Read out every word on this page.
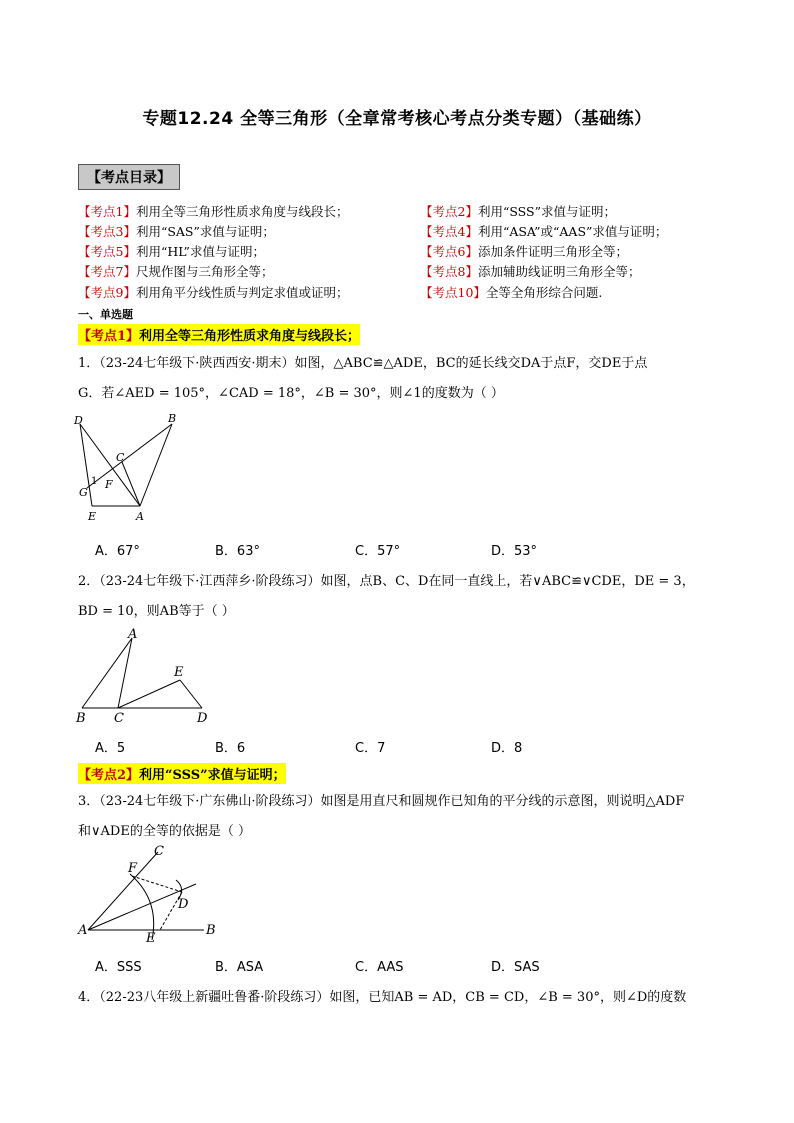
专题12.24 全等三角形（全章常考核心考点分类专题）（基础练）
【考点目录】
【考点1】利用全等三角形性质求角度与线段长；	【考点2】利用“SSS”求值与证明；
【考点3】利用“SAS”求值与证明；	【考点4】利用“ASA”或“AAS”求值与证明；
【考点5】利用“HL”求值与证明；	【考点6】添加条件证明三角形全等；
【考点7】尺规作图与三角形全等；	【考点8】添加辅助线证明三角形全等；
【考点9】利用角平分线性质与判定求值或证明；	【考点10】全等全角形综合问题.
一、单选题
【考点1】利用全等三角形性质求角度与线段长；
1．（23-24七年级下·陕西西安·期末）如图，△ABC≌△ADE，BC的延长线交DA于点F，交DE于点
G．若∠AED = 105°，∠CAD = 18°，∠B = 30°，则∠1的度数为（ ）
D	B
C
1 F
G
E	A
A．67°	B．63°	C．57°	D．53°
2．（23-24七年级下·江西萍乡·阶段练习）如图，点B、C、D在同一直线上，若∨ABC≌∨CDE，DE = 3，
BD = 10，则AB等于（ ）
A
E
B C	D
A．5	B．6	C．7	D．8
【考点2】利用“SSS”求值与证明；
3．（23-24七年级下·广东佛山·阶段练习）如图是用直尺和圆规作已知角的平分线的示意图，则说明△ADF
和∨ADE的全等的依据是（ ）
C
F
D
A
E
B
A．SSS	B．ASA	C．AAS	D．SAS
4．（22-23八年级上新疆吐鲁番·阶段练习）如图，已知AB = AD，CB = CD，∠B = 30°，则∠D的度数
